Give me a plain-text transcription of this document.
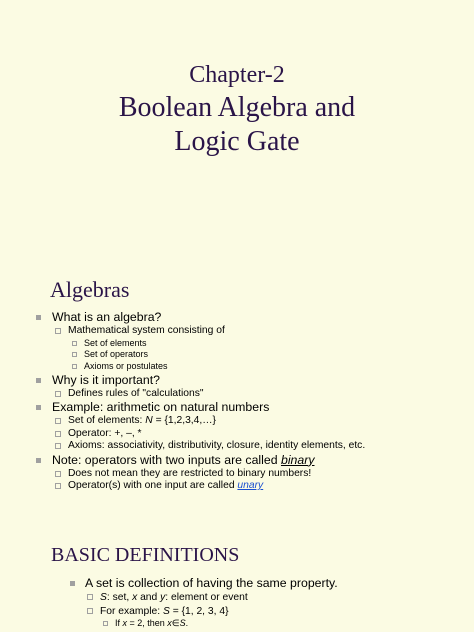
Chapter-2
Boolean Algebra and
Logic Gate
Algebras
What is an algebra?
Mathematical system consisting of
Set of elements
Set of operators
Axioms or postulates
Why is it important?
Defines rules of "calculations"
Example: arithmetic on natural numbers
Set of elements: N = {1,2,3,4,…}
Operator: +, –, *
Axioms: associativity, distributivity, closure, identity elements, etc.
Note: operators with two inputs are called binary
Does not mean they are restricted to binary numbers!
Operator(s) with one input are called unary
BASIC DEFINITIONS
A set is collection of having the same property.
S: set, x and y: element or event
For example: S = {1, 2, 3, 4}
If x = 2, then x∈S.
